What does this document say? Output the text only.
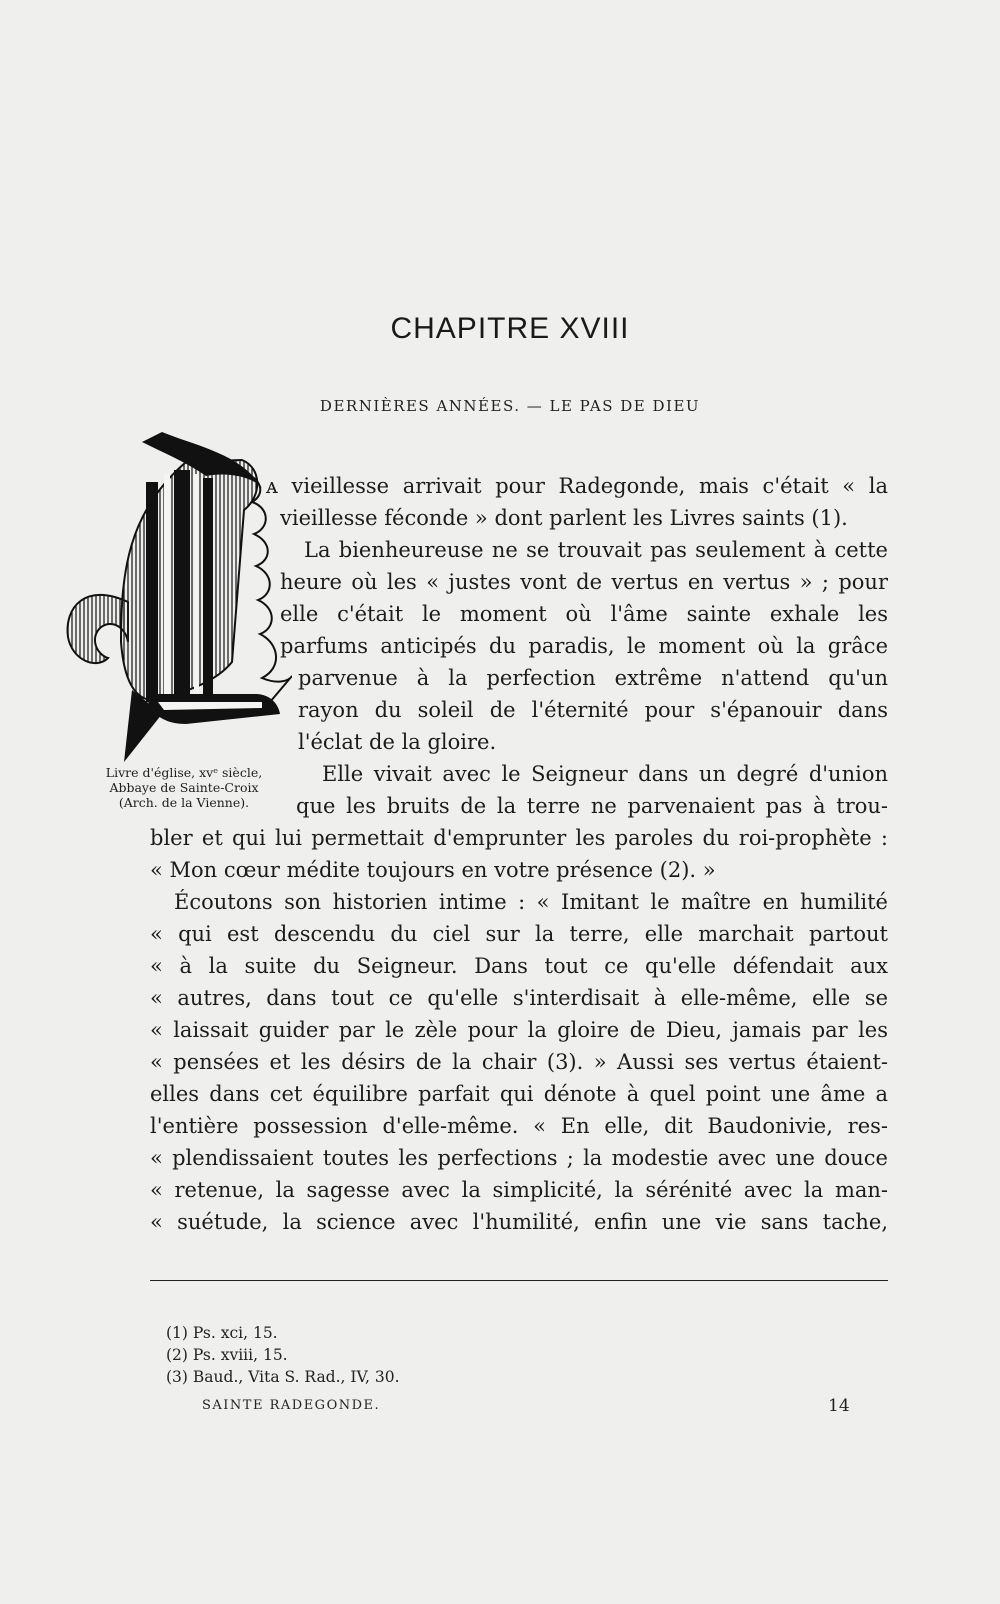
CHAPITRE XVIII
DERNIÈRES ANNÉES. — LE PAS DE DIEU
Livre d'église, xvᵉ siècle,
Abbaye de Sainte-Croix
(Arch. de la Vienne).
ᴀ vieillesse arrivait pour Radegonde, mais c'était « la
vieillesse féconde » dont parlent les Livres saints (1).
La bienheureuse ne se trouvait pas seulement à cette
heure où les « justes vont de vertus en vertus » ; pour
elle c'était le moment où l'âme sainte exhale les
parfums anticipés du paradis, le moment où la grâce
parvenue à la perfection extrême n'attend qu'un
rayon du soleil de l'éternité pour s'épanouir dans
l'éclat de la gloire.
Elle vivait avec le Seigneur dans un degré d'union
que les bruits de la terre ne parvenaient pas à trou-
bler et qui lui permettait d'emprunter les paroles du roi-prophète :
« Mon cœur médite toujours en votre présence (2). »
Écoutons son historien intime : « Imitant le maître en humilité
« qui est descendu du ciel sur la terre, elle marchait partout
« à la suite du Seigneur. Dans tout ce qu'elle défendait aux
« autres, dans tout ce qu'elle s'interdisait à elle-même, elle se
« laissait guider par le zèle pour la gloire de Dieu, jamais par les
« pensées et les désirs de la chair (3). » Aussi ses vertus étaient-
elles dans cet équilibre parfait qui dénote à quel point une âme a
l'entière possession d'elle-même. « En elle, dit Baudonivie, res-
« plendissaient toutes les perfections ; la modestie avec une douce
« retenue, la sagesse avec la simplicité, la sérénité avec la man-
« suétude, la science avec l'humilité, enfin une vie sans tache,
(1) Ps. xci, 15.
(2) Ps. xviii, 15.
(3) Baud., Vita S. Rad., IV, 30.
SAINTE RADEGONDE.	14
